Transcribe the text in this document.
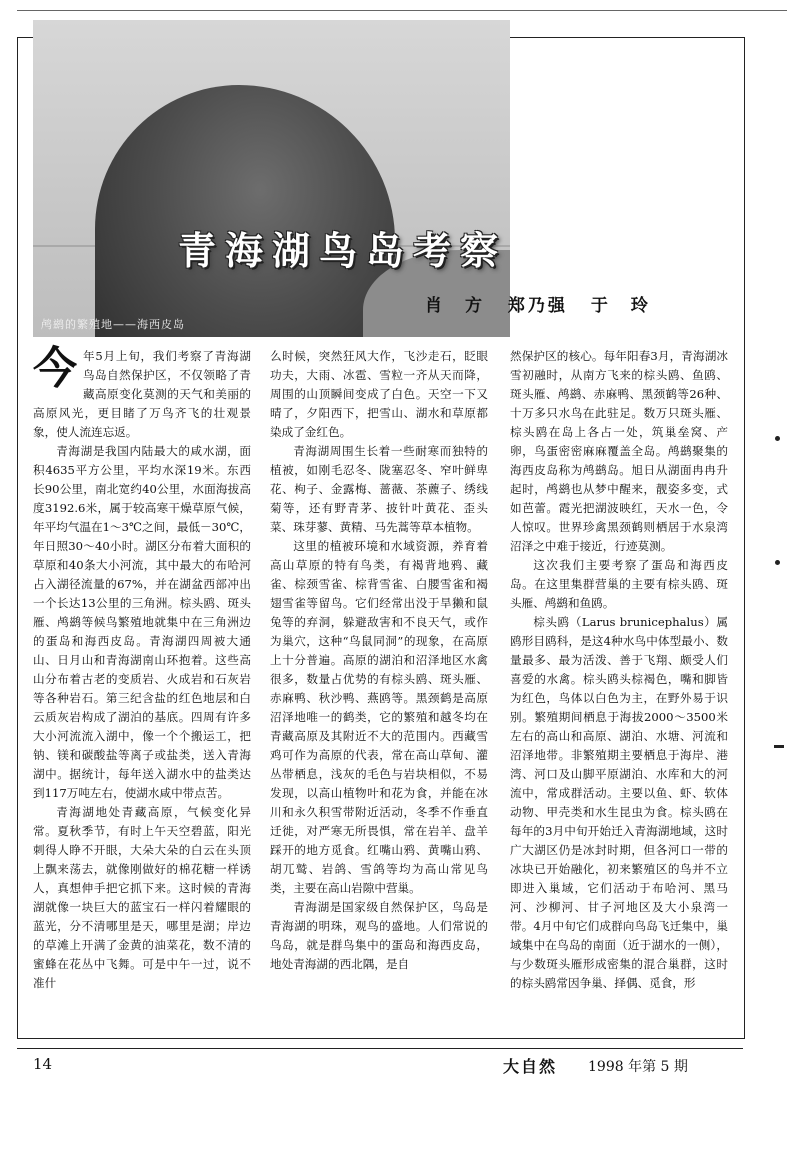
鸬鹚的繁殖地——海西皮岛
青海湖鸟岛考察
肖　方 郑乃强 于　玲

今年5月上旬，我们考察了青海湖鸟岛自然保护区，不仅领略了青藏高原变化莫测的天气和美丽的高原风光，更目睹了万鸟齐飞的壮观景象，使人流连忘返。

青海湖是我国内陆最大的咸水湖，面积4635平方公里，平均水深19米。东西长90公里，南北宽约40公里，水面海拔高度3192.6米，属于较高寒干燥草原气候，年平均气温在1～3℃之间，最低－30℃，年日照30～40小时。湖区分布着大面积的草原和40条大小河流，其中最大的布哈河占入湖径流量的67%，并在湖盆西部冲出一个长达13公里的三角洲。棕头鸥、斑头雁、鸬鹚等候鸟繁殖地就集中在三角洲边的蛋岛和海西皮岛。青海湖四周被大通山、日月山和青海湖南山环抱着。这些高山分布着古老的变质岩、火成岩和石灰岩等各种岩石。第三纪含盐的红色地层和白云质灰岩构成了湖泊的基底。四周有许多大小河流流入湖中，像一个个搬运工，把钠、镁和碳酸盐等离子或盐类，送入青海湖中。据统计，每年送入湖水中的盐类达到117万吨左右，使湖水咸中带点苦。

青海湖地处青藏高原，气候变化异常。夏秋季节，有时上午天空碧蓝，阳光刺得人睁不开眼，大朵大朵的白云在头顶上飘来荡去，就像刚做好的棉花糖一样诱人，真想伸手把它抓下来。这时候的青海湖就像一块巨大的蓝宝石一样闪着耀眼的蓝光，分不清哪里是天，哪里是湖；岸边的草滩上开满了金黄的油菜花，数不清的蜜蜂在花丛中飞舞。可是中午一过，说不准什

么时候，突然狂风大作，飞沙走石，眨眼功夫，大雨、冰雹、雪粒一齐从天而降，周围的山顶瞬间变成了白色。天空一下又晴了，夕阳西下，把雪山、湖水和草原都染成了金红色。

青海湖周围生长着一些耐寒而独特的植被，如刚毛忍冬、陇塞忍冬、窄叶鲜卑花、枸子、金露梅、蔷薇、茶藨子、绣线菊等，还有野青茅、披针叶黄花、歪头菜、珠芽蓼、黄精、马先蒿等草本植物。

这里的植被环境和水域资源，养育着高山草原的特有鸟类，有褐背地鸦、藏雀、棕颈雪雀、棕背雪雀、白腰雪雀和褐翅雪雀等留鸟。它们经常出没于旱獭和鼠兔等的弃洞，躲避敌害和不良天气，或作为巢穴，这种“鸟鼠同洞”的现象，在高原上十分普遍。高原的湖泊和沼泽地区水禽很多，数量占优势的有棕头鸥、斑头雁、赤麻鸭、秋沙鸭、燕鸥等。黑颈鹤是高原沼泽地唯一的鹤类，它的繁殖和越冬均在青藏高原及其附近不大的范围内。西藏雪鸡可作为高原的代表，常在高山草甸、灌丛带栖息，浅灰的毛色与岩块相似，不易发现，以高山植物叶和花为食，并能在冰川和永久积雪带附近活动，冬季不作垂直迁徙，对严寒无所畏惧，常在岩羊、盘羊踩开的地方觅食。红嘴山鸦、黄嘴山鸦、胡兀鹫、岩鸽、雪鸽等均为高山常见鸟类，主要在高山岩隙中营巢。

青海湖是国家级自然保护区，鸟岛是青海湖的明珠，观鸟的盛地。人们常说的鸟岛，就是群鸟集中的蛋岛和海西皮岛，地处青海湖的西北隅，是自

然保护区的核心。每年阳春3月，青海湖冰雪初融时，从南方飞来的棕头鸥、鱼鸥、斑头雁、鸬鹚、赤麻鸭、黑颈鹤等26种、十万多只水鸟在此驻足。数万只斑头雁、棕头鸥在岛上各占一处，筑巢垒窝、产卵，鸟蛋密密麻麻覆盖全岛。鸬鹚聚集的海西皮岛称为鸬鹚岛。旭日从湖面冉冉升起时，鸬鹚也从梦中醒来，靓姿多变，式如芭蕾。霞光把湖波映红，天水一色，令人惊叹。世界珍禽黑颈鹤则栖居于水泉湾沼泽之中难于接近，行迹莫测。

这次我们主要考察了蛋岛和海西皮岛。在这里集群营巢的主要有棕头鸥、斑头雁、鸬鹚和鱼鸥。

棕头鸥（Larus brunicephalus）属鸥形目鸥科，是这4种水鸟中体型最小、数量最多、最为活泼、善于飞翔、颇受人们喜爱的水禽。棕头鸥头棕褐色，嘴和脚皆为红色，鸟体以白色为主，在野外易于识别。繁殖期间栖息于海拔2000～3500米左右的高山和高原、湖泊、水塘、河流和沼泽地带。非繁殖期主要栖息于海岸、港湾、河口及山脚平原湖泊、水库和大的河流中，常成群活动。主要以鱼、虾、软体动物、甲壳类和水生昆虫为食。棕头鸥在每年的3月中旬开始迁入青海湖地域，这时广大湖区仍是冰封时期，但各河口一带的冰块已开始融化，初来繁殖区的鸟并不立即进入巢域，它们活动于布哈河、黑马河、沙柳河、甘子河地区及大小泉湾一带。4月中旬它们成群向鸟岛飞迁集中，巢域集中在鸟岛的南面（近于湖水的一侧），与少数斑头雁形成密集的混合巢群，这时的棕头鸥常因争巢、择偶、觅食，形

14	大自然 1998 年第 5 期
